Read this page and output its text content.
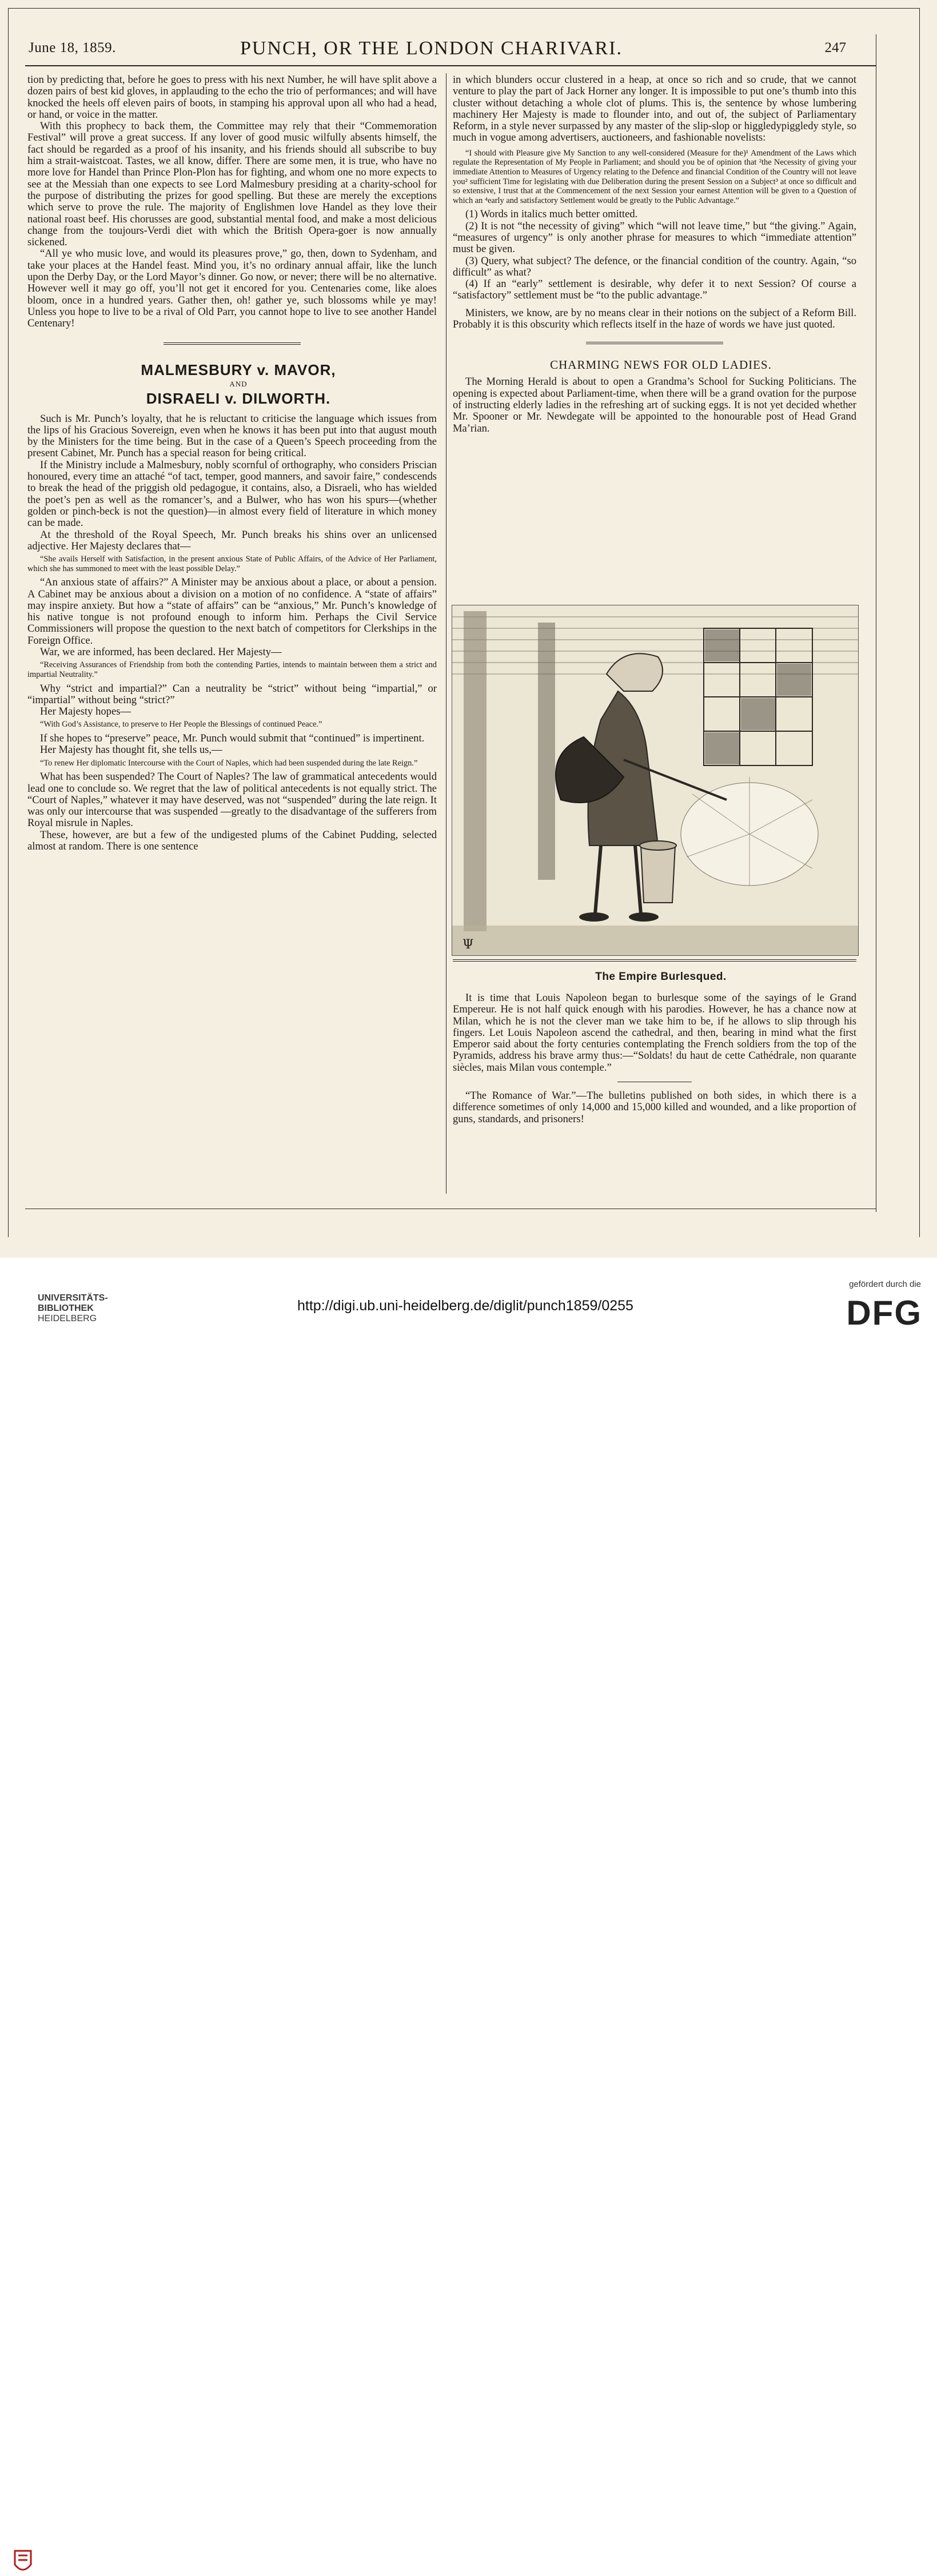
June 18, 1859.	PUNCH, OR THE LONDON CHARIVARI.	247

tion by predicting that, before he goes to press with his next Number, he will have split above a dozen pairs of best kid gloves, in applauding to the echo the trio of performances; and will have knocked the heels off eleven pairs of boots, in stamping his approval upon all who had a head, or hand, or voice in the matter.

With this prophecy to back them, the Committee may rely that their “Commemoration Festival” will prove a great success. If any lover of good music wilfully absents himself, the fact should be regarded as a proof of his insanity, and his friends should all subscribe to buy him a strait-waistcoat. Tastes, we all know, differ. There are some men, it is true, who have no more love for Handel than Prince Plon-Plon has for fighting, and whom one no more expects to see at the Messiah than one expects to see Lord Malmesbury presiding at a charity-school for the purpose of distributing the prizes for good spelling. But these are merely the exceptions which serve to prove the rule. The majority of Englishmen love Handel as they love their national roast beef. His chorusses are good, substantial mental food, and make a most delicious change from the toujours-Verdi diet with which the British Opera-goer is now annually sickened.

“All ye who music love, and would its pleasures prove,” go, then, down to Sydenham, and take your places at the Handel feast. Mind you, it’s no ordinary annual affair, like the lunch upon the Derby Day, or the Lord Mayor’s dinner. Go now, or never; there will be no alternative. However well it may go off, you’ll not get it encored for you. Centenaries come, like aloes bloom, once in a hundred years. Gather then, oh! gather ye, such blossoms while ye may! Unless you hope to live to be a rival of Old Parr, you cannot hope to live to see another Handel Centenary!

MALMESBURY v. MAVOR,

AND

DISRAELI v. DILWORTH.

Such is Mr. Punch’s loyalty, that he is reluctant to criticise the language which issues from the lips of his Gracious Sovereign, even when he knows it has been put into that august mouth by the Ministers for the time being. But in the case of a Queen’s Speech proceeding from the present Cabinet, Mr. Punch has a special reason for being critical.

If the Ministry include a Malmesbury, nobly scornful of orthography, who considers Priscian honoured, every time an attaché “of tact, temper, good manners, and savoir faire,” condescends to break the head of the priggish old pedagogue, it contains, also, a Disraeli, who has wielded the poet’s pen as well as the romancer’s, and a Bulwer, who has won his spurs—(whether golden or pinch-beck is not the question)—in almost every field of literature in which money can be made.

At the threshold of the Royal Speech, Mr. Punch breaks his shins over an unlicensed adjective. Her Majesty declares that—

“She avails Herself with Satisfaction, in the present anxious State of Public Affairs, of the Advice of Her Parliament, which she has summoned to meet with the least possible Delay.”

“An anxious state of affairs?” A Minister may be anxious about a place, or about a pension. A Cabinet may be anxious about a division on a motion of no confidence. A “state of affairs” may inspire anxiety. But how a “state of affairs” can be “anxious,” Mr. Punch’s knowledge of his native tongue is not profound enough to inform him. Perhaps the Civil Service Commissioners will propose the question to the next batch of competitors for Clerkships in the Foreign Office.

War, we are informed, has been declared. Her Majesty—

“Receiving Assurances of Friendship from both the contending Parties, intends to maintain between them a strict and impartial Neutrality.”

Why “strict and impartial?” Can a neutrality be “strict” without being “impartial,” or “impartial” without being “strict?”

Her Majesty hopes—

“With God’s Assistance, to preserve to Her People the Blessings of continued Peace.”

If she hopes to “preserve” peace, Mr. Punch would submit that “continued” is impertinent.

Her Majesty has thought fit, she tells us,—

“To renew Her diplomatic Intercourse with the Court of Naples, which had been suspended during the late Reign.”

What has been suspended? The Court of Naples? The law of grammatical antecedents would lead one to conclude so. We regret that the law of political antecedents is not equally strict. The “Court of Naples,” whatever it may have deserved, was not “suspended” during the late reign. It was only our intercourse that was suspended —greatly to the disadvantage of the sufferers from Royal misrule in Naples.

These, however, are but a few of the undigested plums of the Cabinet Pudding, selected almost at random. There is one sentence

in which blunders occur clustered in a heap, at once so rich and so crude, that we cannot venture to play the part of Jack Horner any longer. It is impossible to put one’s thumb into this cluster without detaching a whole clot of plums. This is, the sentence by whose lumbering machinery Her Majesty is made to flounder into, and out of, the subject of Parliamentary Reform, in a style never surpassed by any master of the slip-slop or higgledypiggledy style, so much in vogue among advertisers, auctioneers, and fashionable novelists:

“I should with Pleasure give My Sanction to any well-considered (Measure for the)¹ Amendment of the Laws which regulate the Representation of My People in Parliament; and should you be of opinion that ²the Necessity of giving your immediate Attention to Measures of Urgency relating to the Defence and financial Condition of the Country will not leave you² sufficient Time for legislating with due Deliberation during the present Session on a Subject³ at once so difficult and so extensive, I trust that at the Commencement of the next Session your earnest Attention will be given to a Question of which an ⁴early and satisfactory Settlement would be greatly to the Public Advantage.”

(1) Words in italics much better omitted.

(2) It is not “the necessity of giving” which “will not leave time,” but “the giving.” Again, “measures of urgency” is only another phrase for measures to which “immediate attention” must be given.

(3) Query, what subject? The defence, or the financial condition of the country. Again, “so difficult” as what?

(4) If an “early” settlement is desirable, why defer it to next Session? Of course a “satisfactory” settlement must be “to the public advantage.”

Ministers, we know, are by no means clear in their notions on the subject of a Reform Bill. Probably it is this obscurity which reflects itself in the haze of words we have just quoted.

CHARMING NEWS FOR OLD LADIES.

The Morning Herald is about to open a Grandma’s School for Sucking Politicians. The opening is expected about Parliament-time, when there will be a grand ovation for the purpose of instructing elderly ladies in the refreshing art of sucking eggs. It is not yet decided whether Mr. Spooner or Mr. Newdegate will be appointed to the honourable post of Head Grand Ma’rian.

Ψ

The Empire Burlesqued.

It is time that Louis Napoleon began to burlesque some of the sayings of le Grand Empereur. He is not half quick enough with his parodies. However, he has a chance now at Milan, which he is not the clever man we take him to be, if he allows to slip through his fingers. Let Louis Napoleon ascend the cathedral, and then, bearing in mind what the first Emperor said about the forty centuries contemplating the French soldiers from the top of the Pyramids, address his brave army thus:—“Soldats! du haut de cette Cathédrale, non quarante siècles, mais Milan vous contemple.”

“The Romance of War.”—The bulletins published on both sides, in which there is a difference sometimes of only 14,000 and 15,000 killed and wounded, and a like proportion of guns, standards, and prisoners!

UNIVERSITÄTS-
BIBLIOTHEK
HEIDELBERG
http://digi.ub.uni-heidelberg.de/diglit/punch1859/0255
gefördert durch die
DFG
